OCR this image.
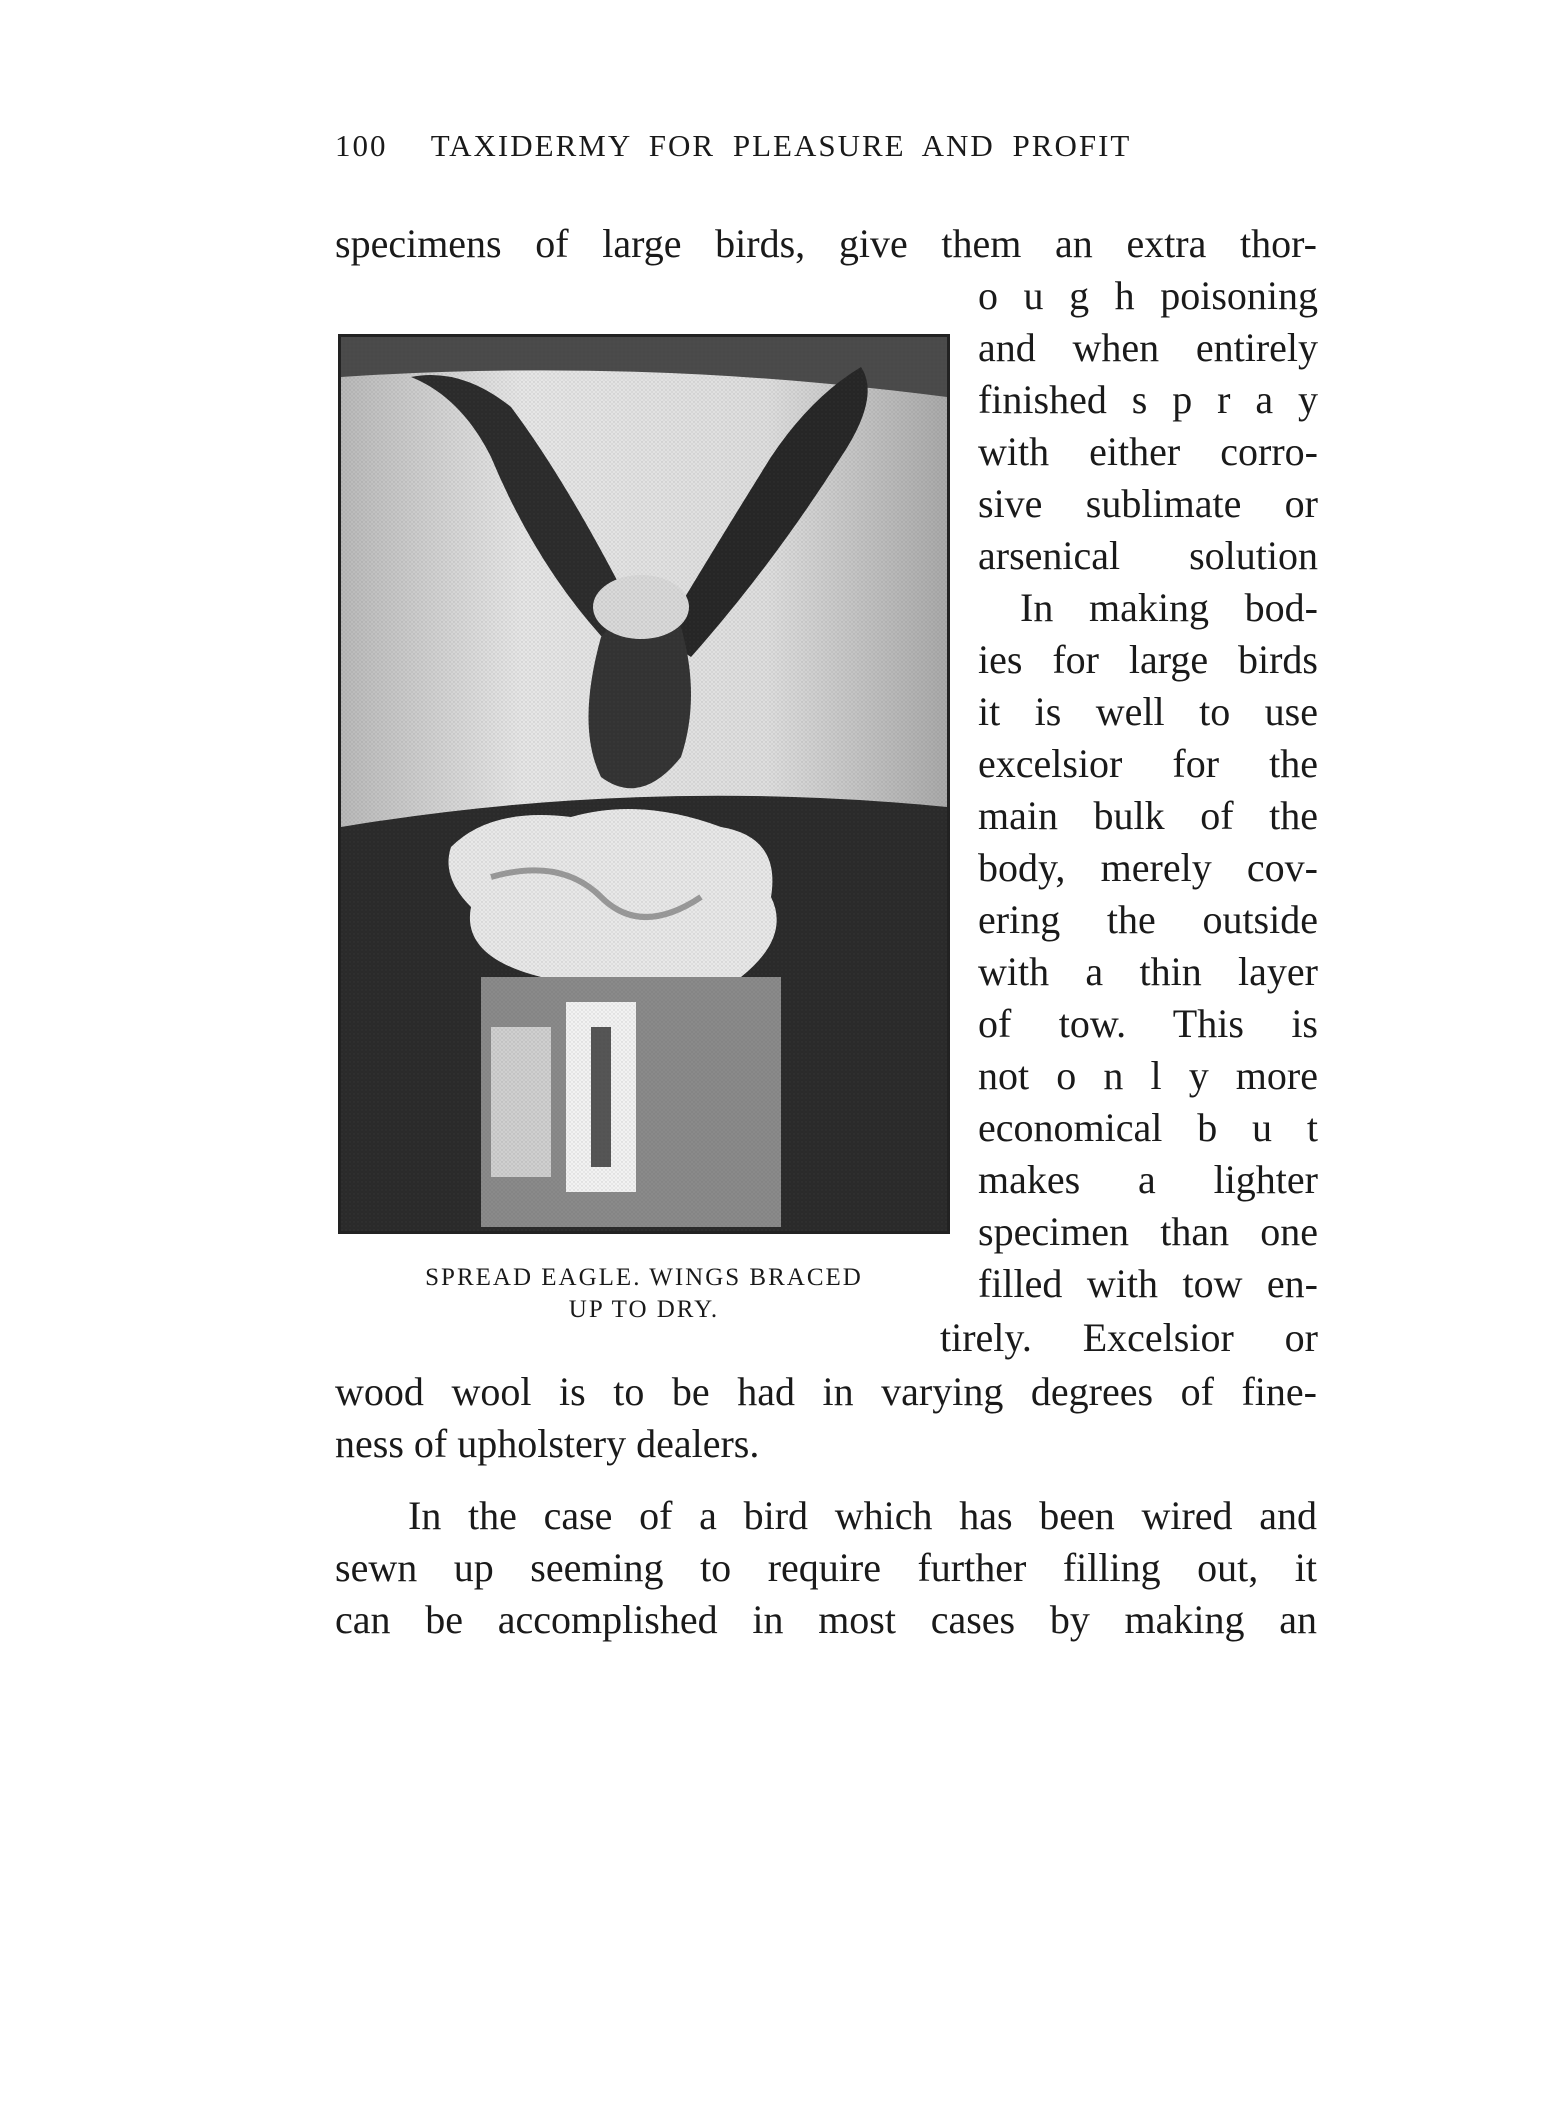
100 TAXIDERMY FOR PLEASURE AND PROFIT
specimens of large birds, give them an extra thor-
o u g h poisoning
and when entirely
finished s p r a y
with either corro-
sive sublimate or
arsenical solution
In making bod-
ies for large birds
it is well to use
excelsior for the
main bulk of the
body, merely cov-
ering the outside
with a thin layer
of tow. This is
not o n l y more
economical b u t
makes a lighter
specimen than one
filled with tow en-
tirely. Excelsior or
SPREAD EAGLE. WINGS BRACED
UP TO DRY.
wood wool is to be had in varying degrees of fine-
ness of upholstery dealers.
In the case of a bird which has been wired and
sewn up seeming to require further filling out, it
can be accomplished in most cases by making an
